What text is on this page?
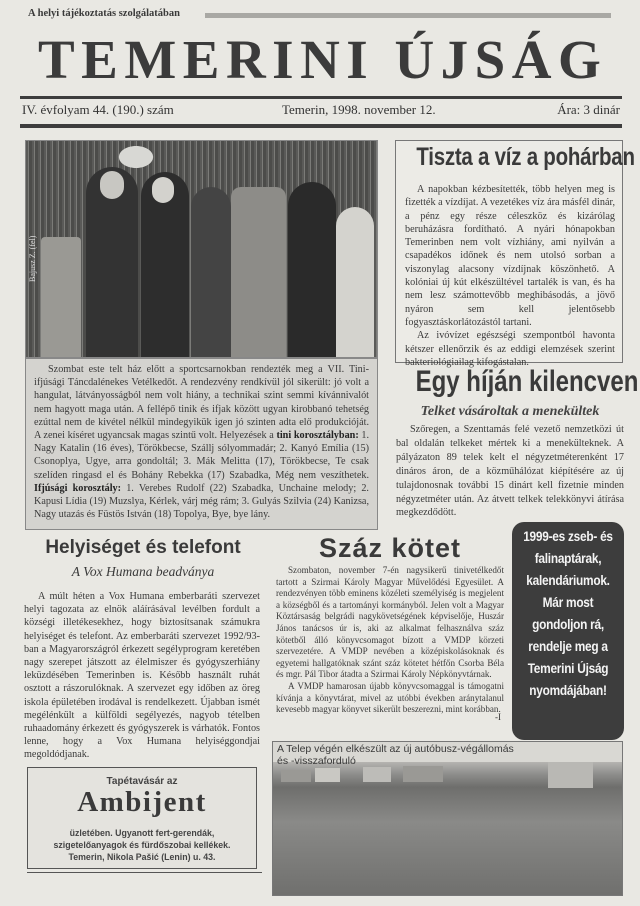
A helyi tájékoztatás szolgálatában
TEMERINI ÚJSÁG
IV. évfolyam 44. (190.) szám	Temerin, 1998. november 12.	Ára: 3 dinár
Bajusz Z. (fel)

Szombat este telt ház előtt a sportcsarnokban rendezték meg a VII. Tini-ifjúsági Táncdalénekes Vetélkedőt. A rendezvény rendkívül jól sikerült: jó volt a hangulat, látványosságból nem volt hiány, a technikai szint semmi kívánnivalót nem hagyott maga után. A fellépő tinik és ifjak között ugyan kirobbanó tehetség ezúttal nem de kivétel nélkül mindegyikük igen jó szinten adta elő produkcióját. A zenei kíséret ugyancsak magas szintű volt. Helyezések a tini korosztályban: 1. Nagy Katalin (16 éves), Törökbecse, Szállj sólyommadár; 2. Kanyó Emília (15) Csonoplya, Ugye, arra gondoltál; 3. Mák Melitta (17), Törökbecse, Te csak szelíden ringasd el és Bohány Rebekka (17) Szabadka, Még nem veszíthetek. Ifjúsági korosztály: 1. Verebes Rudolf (22) Szabadka, Unchaine melody; 2. Kapusi Lídia (19) Muzslya, Kérlek, várj még rám; 3. Gulyás Szilvia (24) Kanizsa, Nagy utazás és Füstös István (18) Topolya, Bye, bye lány.

Tiszta a víz a pohárban

A napokban kézbesítették, több helyen meg is fizették a vízdíjat. A vezetékes víz ára másfél dinár, a pénz egy része céleszköz és kizárólag beruházásra fordítható. A nyári hónapokban Temerinben nem volt vízhiány, ami nyilván a csapadékos időnek és nem utolsó sorban a viszonylag alacsony vízdíjnak köszönhető. A kolóniai új kút elkészültével tartalék is van, és ha nem lesz számottevőbb meghibásodás, a jövő nyáron sem kell jelentősebb fogyasztáskorlátozástól tartani.

Az ivóvízet egészségi szempontból havonta kétszer ellenőrzik és az eddigi elemzések szerint bakteriológiailag kifogástalan.

Egy híján kilencven
Telket vásároltak a menekültek

Szőregen, a Szenttamás felé vezető nemzetközi út bal oldalán telkeket mértek ki a menekülteknek. A pályázaton 89 telek kelt el négyzetméterenként 17 dináros áron, de a közműhálózat kiépítésére az új tulajdonosnak további 15 dinárt kell fizetnie minden négyzetméter után. Az átvett telkek telekkönyvi átírása megkezdődött.

Helyiséget és telefont
A Vox Humana beadványa

A múlt héten a Vox Humana emberbaráti szervezet helyi tagozata az elnök aláírásával levélben fordult a községi illetékesekhez, hogy biztosítsanak számukra helyiséget és telefont. Az emberbaráti szervezet 1992/93-ban a Magyarországról érkezett segélyprogram keretében nagy szerepet játszott az élelmiszer és gyógyszerhiány leküzdésében Temerinben is. Később használt ruhát osztott a rászorulóknak. A szervezet egy időben az öreg iskola épületében irodával is rendelkezett. Újabban ismét megélénkült a külföldi segélyezés, nagyob tételben ruhaadomány érkezett és gyógyszerek is várhatók. Fontos lenne, hogy a Vox Humana helyiséggondjai megoldódjanak.

Tapétavásár az
Ambijent
üzletében. Ugyanott fert-gerendák,
szigetelőanyagok és fürdőszobai kellékek.
Temerin, Nikola Pašić (Lenin) u. 43.
Száz kötet

Szombaton, november 7-én nagysikerű tinivetélkedőt tartott a Szirmai Károly Magyar Művelődési Egyesület. A rendezvényen több eminens közéleti személyiség is megjelent a községből és a tartományi kormányból. Jelen volt a Magyar Köztársaság belgrádi nagykövetségének képviselője, Huszár János tanácsos úr is, aki az alkalmat felhasználva száz kötetből álló könyvcsomagot bízott a VMDP körzeti szervezetére. A VMDP nevében a középiskolásoknak és egyetemi hallgatóknak szánt száz kötetet hétfőn Csorba Béla és mgr. Pál Tibor átadta a Szirmai Károly Népkönyvtárnak.

A VMDP hamarosan újabb könyvcsomaggal is támogatni kívánja a könyvtárat, mivel az utóbbi években aránytalanul kevesebb magyar könyvet sikerült beszerezni, mint korábban.

-I
1999-es zseb- és
falinaptárak,
kalendáriumok.
Már most
gondoljon rá,
rendelje meg a
Temerini Újság
nyomdájában!
A Telep végén elkészült az új autóbusz-végállomás
és -visszaforduló
